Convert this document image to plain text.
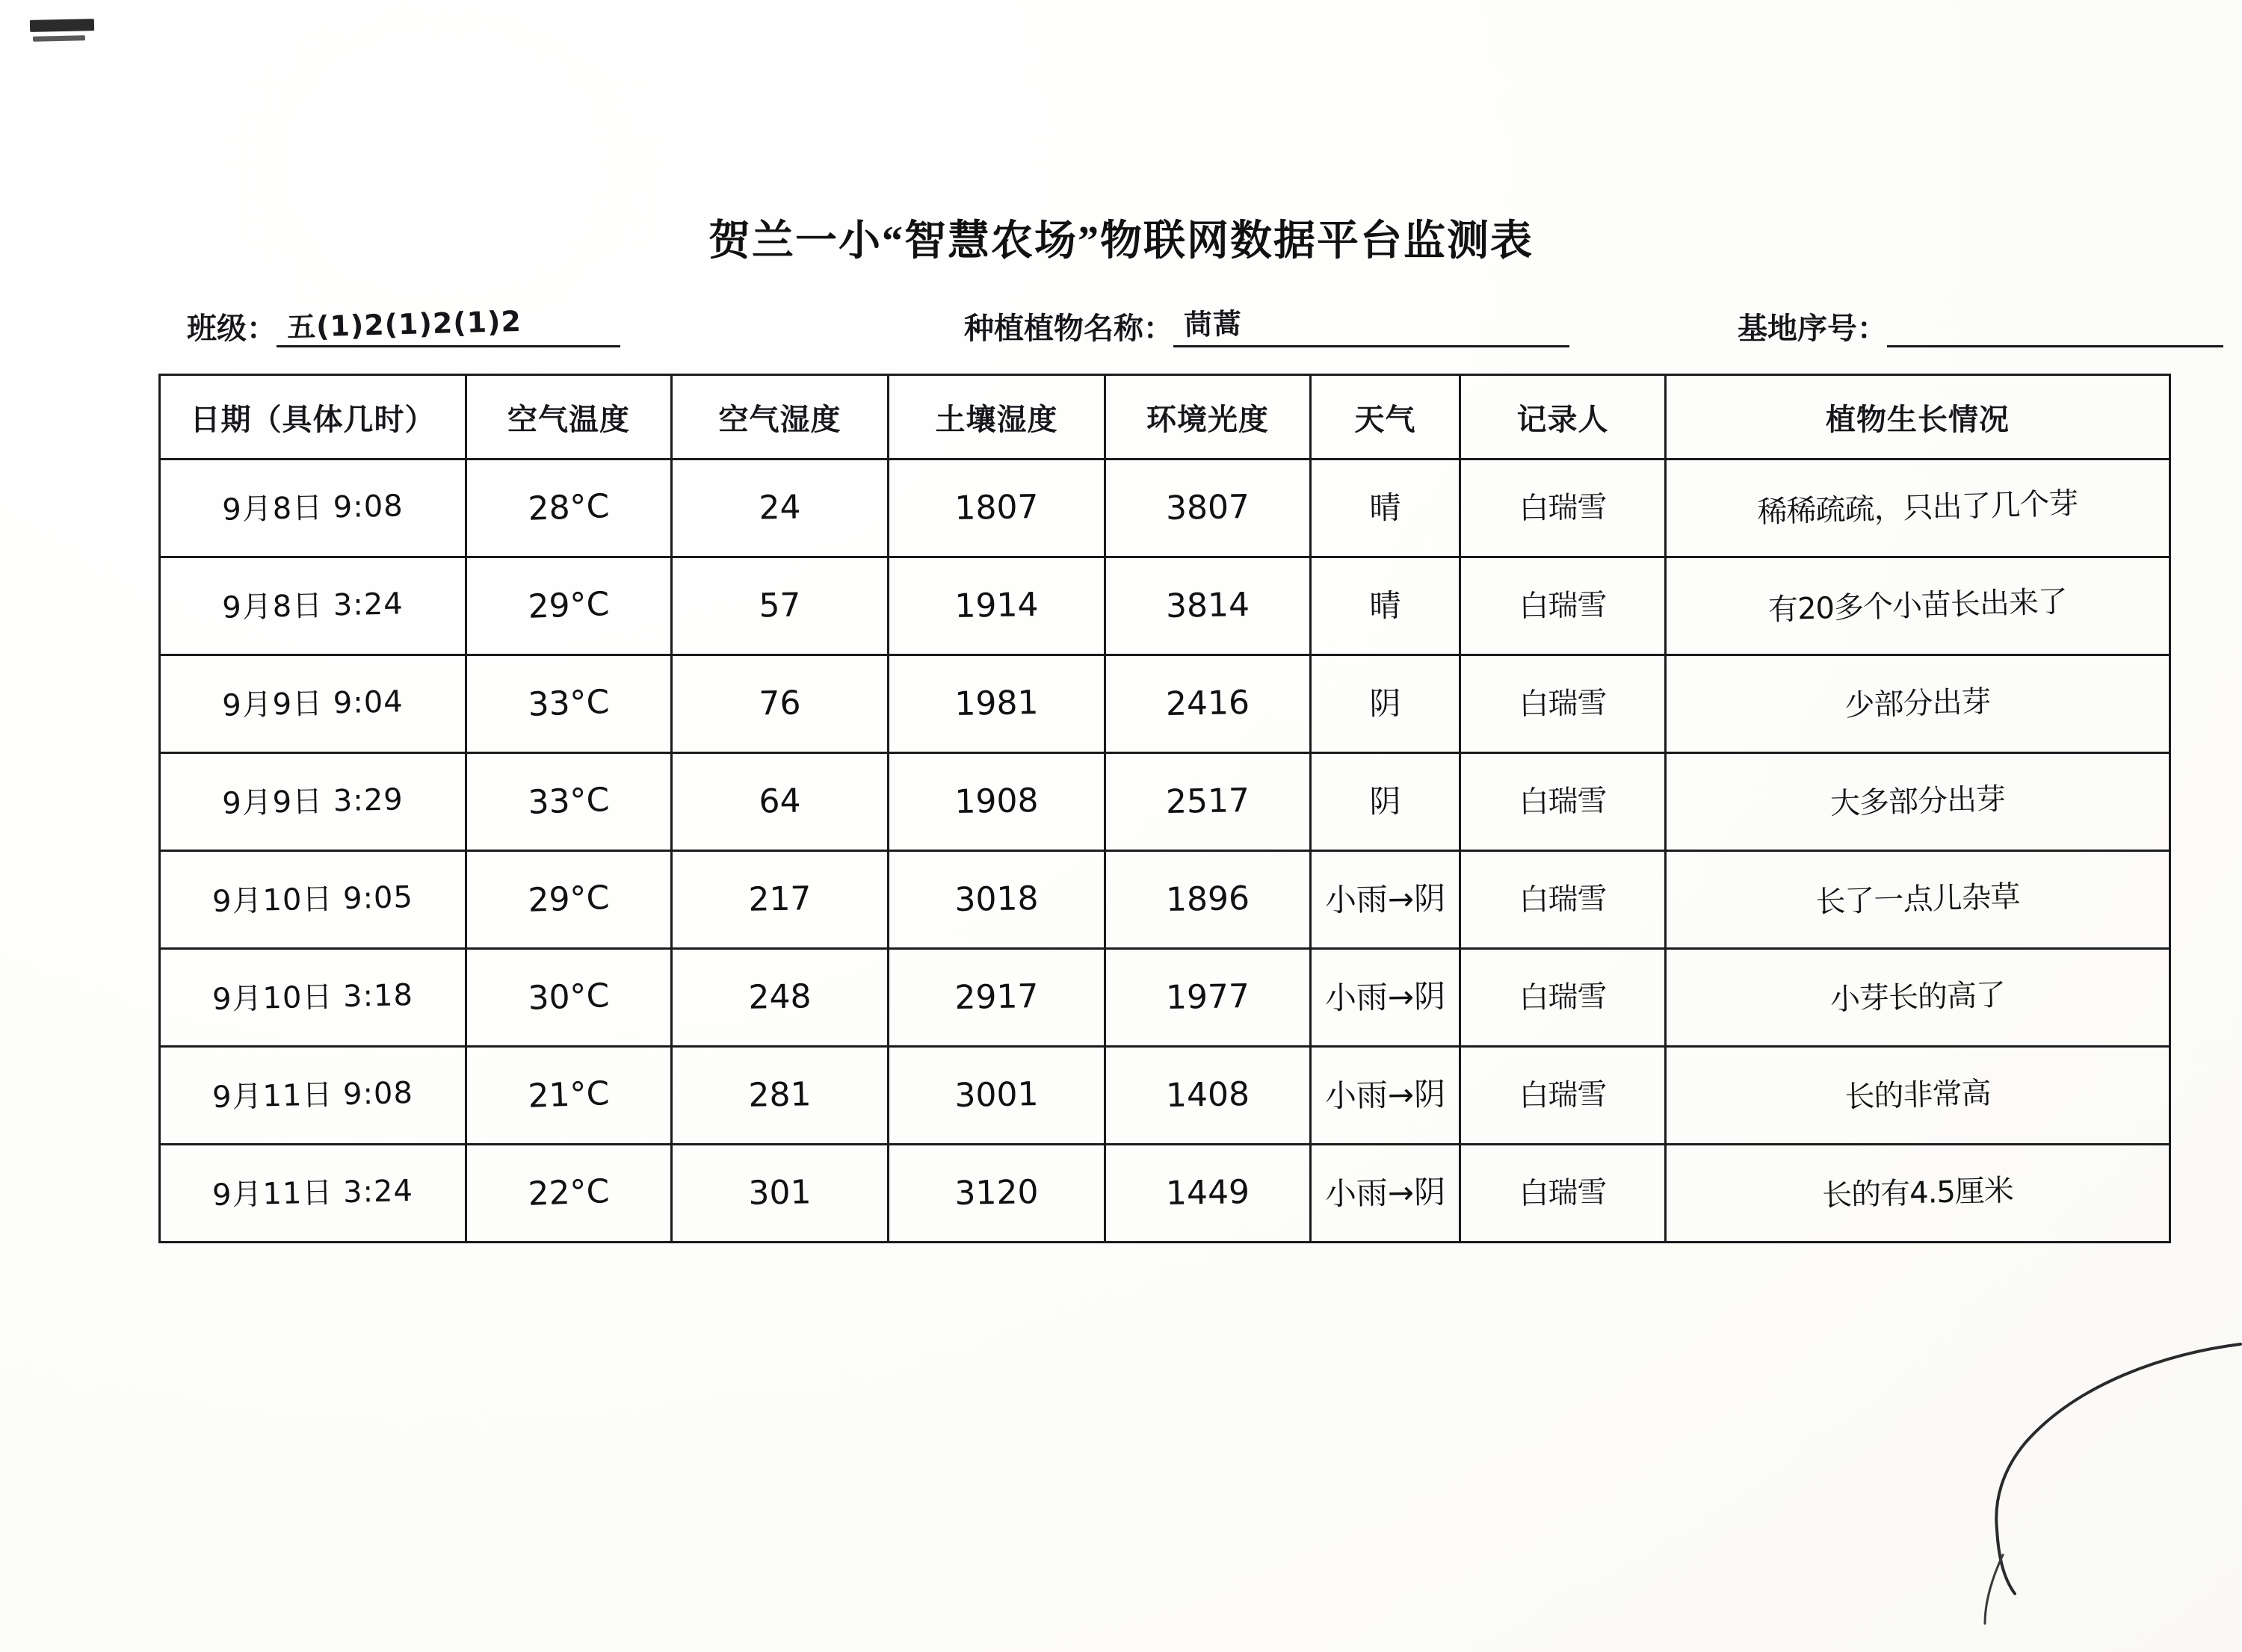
贺兰一小“智慧农场”物联网数据平台监测表
班级： 五(1)2(1)2(1)2	种植植物名称： 茼蒿	基地序号：
日期（具体几时）	空气温度	空气湿度	土壤湿度	环境光度	天气	记录人	植物生长情况

9月8日 9:08	28°C	24	1807	3807	晴	白瑞雪	稀稀疏疏，只出了几个芽

9月8日 3:24	29°C	57	1914	3814	晴	白瑞雪	有20多个小苗长出来了

9月9日 9:04	33°C	76	1981	2416	阴	白瑞雪	少部分出芽

9月9日 3:29	33°C	64	1908	2517	阴	白瑞雪	大多部分出芽

9月10日 9:05	29°C	217	3018	1896	小雨→阴	白瑞雪	长了一点儿杂草

9月10日 3:18	30°C	248	2917	1977	小雨→阴	白瑞雪	小芽长的高了

9月11日 9:08	21°C	281	3001	1408	小雨→阴	白瑞雪	长的非常高

9月11日 3:24	22°C	301	3120	1449	小雨→阴	白瑞雪	长的有4.5厘米
